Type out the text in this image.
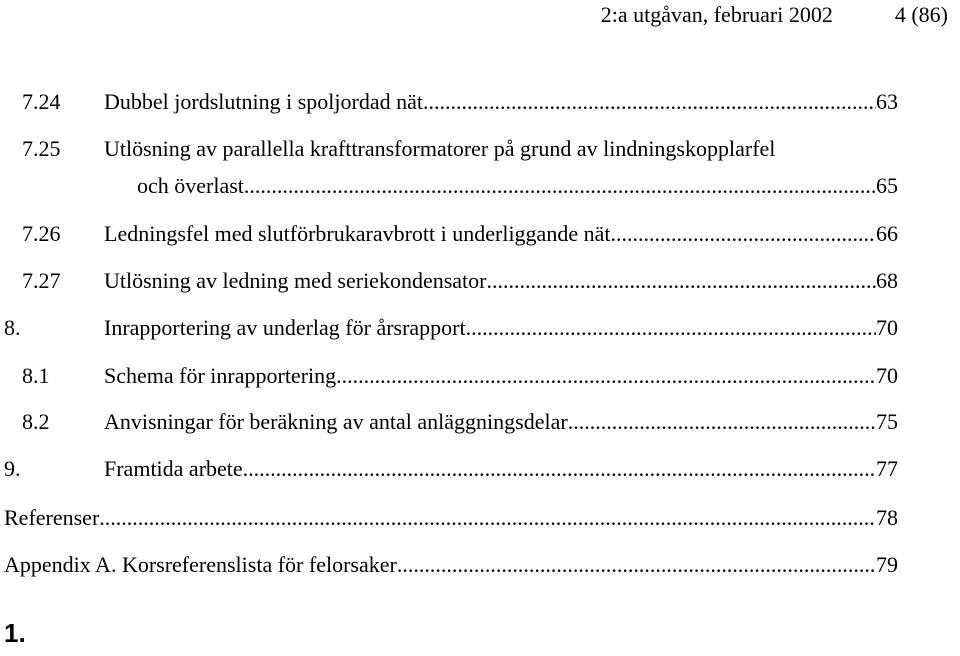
2:a utgåvan, februari 2002	4 (86)
7.24 Dubbel jordslutning i spoljordad nät .....	63
7.25 Utlösning av parallella krafttransformatorer på grund av lindningskopplarfel
och överlast .....	65
7.26 Ledningsfel med slutförbrukaravbrott i underliggande nät .....	66
7.27 Utlösning av ledning med seriekondensator .....	68
8.	Inrapportering av underlag för årsrapport .....	70
8.1 Schema för inrapportering .....	70
8.2 Anvisningar för beräkning av antal anläggningsdelar .....	75
9.	Framtida arbete .....	77
Referenser .....	78
Appendix A. Korsreferenslista för felorsaker .....	79
1.
